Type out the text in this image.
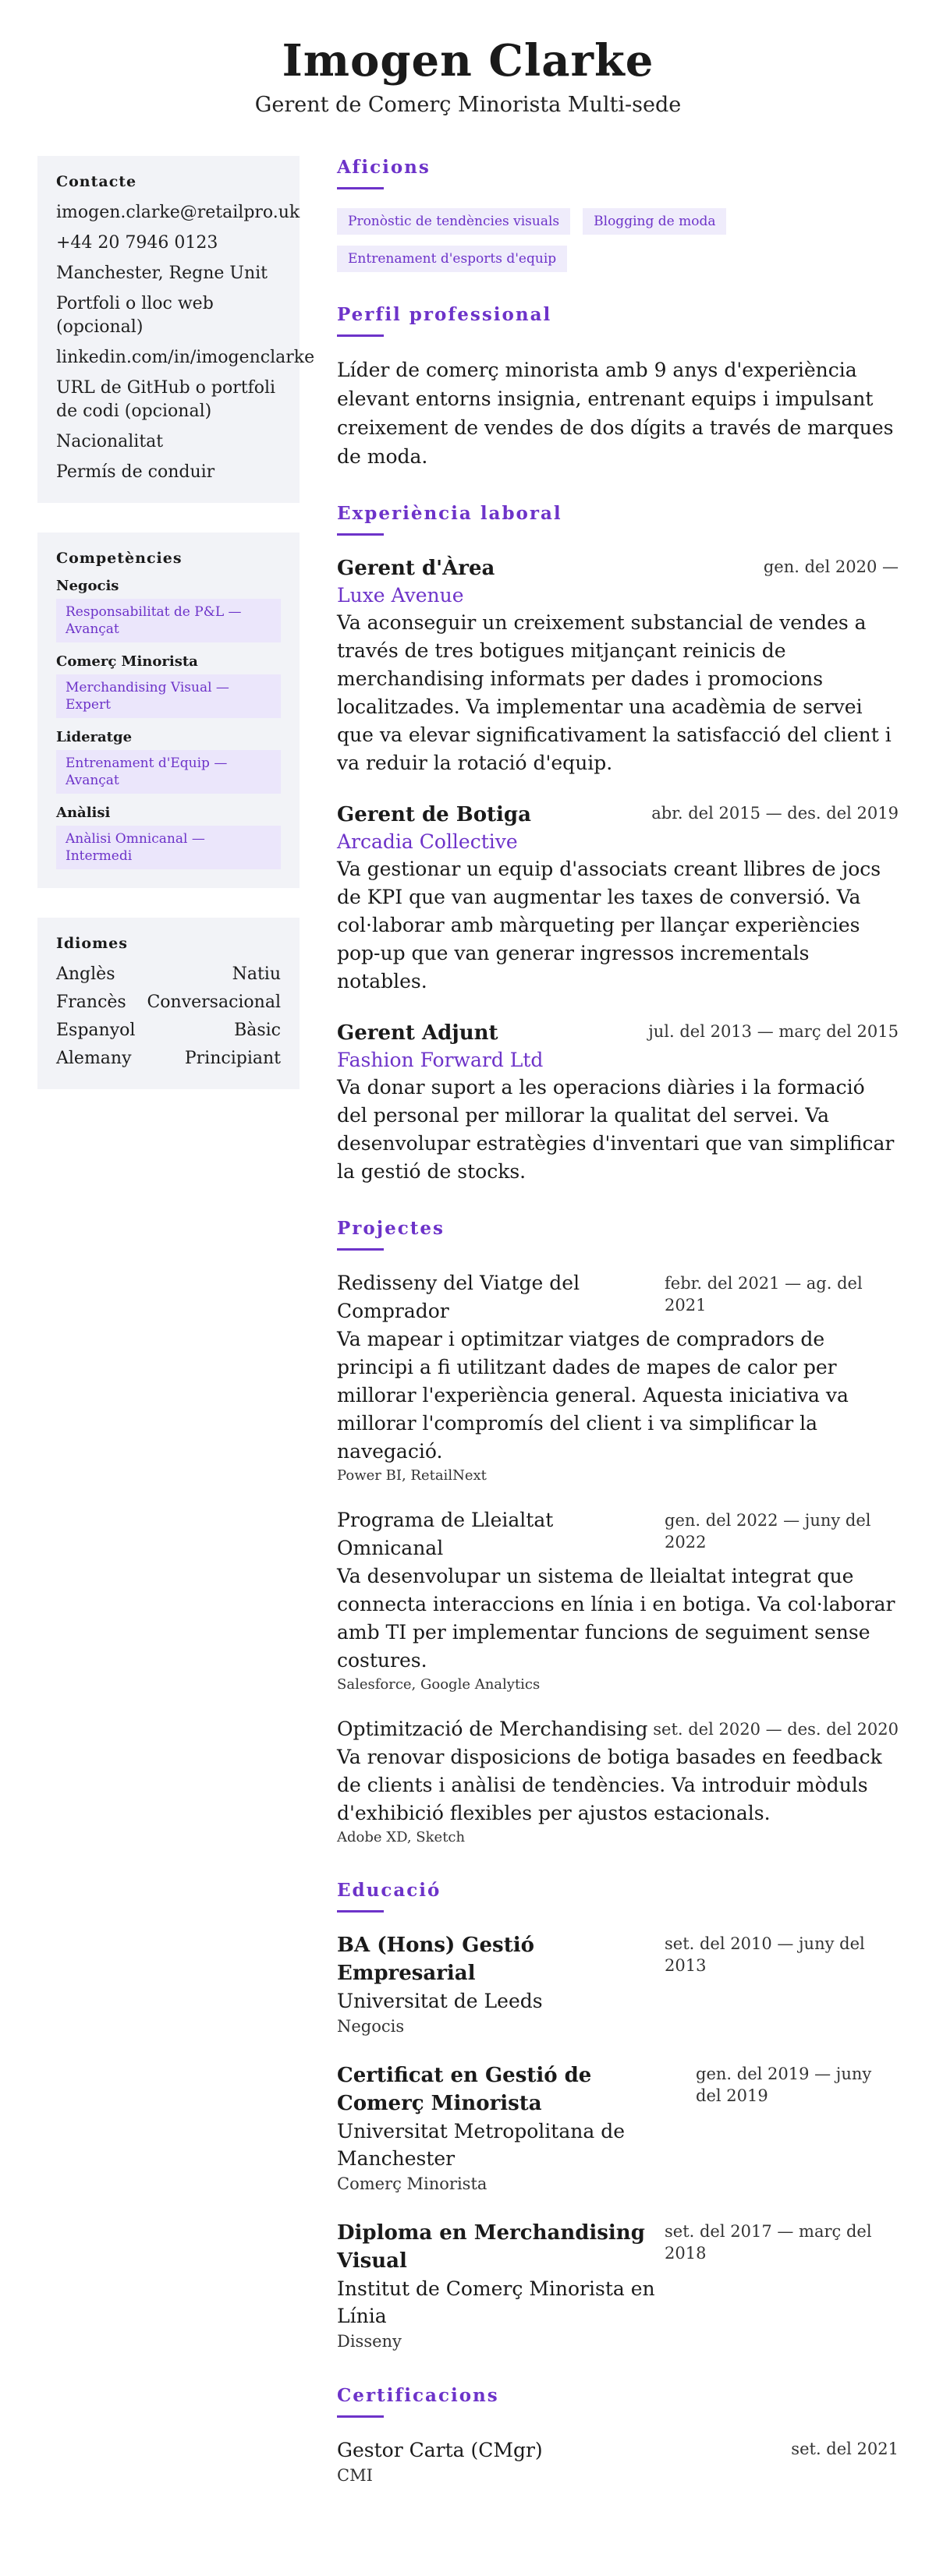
Imogen Clarke
Gerent de Comerç Minorista Multi-sede
Contacte
imogen.clarke@retailpro.uk
+44 20 7946 0123
Manchester, Regne Unit
Portfoli o lloc web (opcional)
linkedin.com/in/imogenclarke
URL de GitHub o portfoli de codi (opcional)
Nacionalitat
Permís de conduir
Competències
Negocis
Responsabilitat de P&L — Avançat
Comerç Minorista
Merchandising Visual — Expert
Lideratge
Entrenament d'Equip — Avançat
Anàlisi
Anàlisi Omnicanal — Intermedi
Idiomes
Anglès	Natiu
Francès Conversacional
Espanyol	Bàsic
Alemany	Principiant
Aficions
Pronòstic de tendències visuals	Blogging de moda
Entrenament d'esports d'equip
Perfil professional

Líder de comerç minorista amb 9 anys d'experiència elevant entorns insignia, entrenant equips i impulsant creixement de vendes de dos dígits a través de marques de moda.

Experiència laboral
Gerent d'Àrea	gen. del 2020 —
Luxe Avenue

Va aconseguir un creixement substancial de vendes a través de tres botigues mitjançant reinicis de merchandising informats per dades i promocions localitzades. Va implementar una acadèmia de servei que va elevar significativament la satisfacció del client i va reduir la rotació d'equip.

Gerent de Botiga	abr. del 2015 — des. del 2019
Arcadia Collective

Va gestionar un equip d'associats creant llibres de jocs de KPI que van augmentar les taxes de conversió. Va col·laborar amb màrqueting per llançar experiències pop-up que van generar ingressos incrementals notables.

Gerent Adjunt	jul. del 2013 — març del 2015
Fashion Forward Ltd

Va donar suport a les operacions diàries i la formació del personal per millorar la qualitat del servei. Va desenvolupar estratègies d'inventari que van simplificar la gestió de stocks.

Projectes
Redisseny del Viatge del Comprador
febr. del 2021 — ag. del 2021

Va mapear i optimitzar viatges de compradors de principi a fi utilitzant dades de mapes de calor per millorar l'experiència general. Aquesta iniciativa va millorar l'compromís del client i va simplificar la navegació.

Power BI, RetailNext
Programa de Lleialtat Omnicanal
gen. del 2022 — juny del 2022

Va desenvolupar un sistema de lleialtat integrat que connecta interaccions en línia i en botiga. Va col·laborar amb TI per implementar funcions de seguiment sense costures.

Salesforce, Google Analytics
Optimització de Merchandising set. del 2020 — des. del 2020

Va renovar disposicions de botiga basades en feedback de clients i anàlisi de tendències. Va introduir mòduls d'exhibició flexibles per ajustos estacionals.

Adobe XD, Sketch
Educació
BA (Hons) Gestió Empresarial
Universitat de Leeds
Negocis
set. del 2010 — juny del 2013
Certificat en Gestió de Comerç Minorista
Universitat Metropolitana de Manchester
Comerç Minorista
gen. del 2019 — juny del 2019
Diploma en Merchandising Visual
Institut de Comerç Minorista en Línia
Disseny
set. del 2017 — març del 2018
Certificacions
Gestor Carta (CMgr)	set. del 2021
CMI
